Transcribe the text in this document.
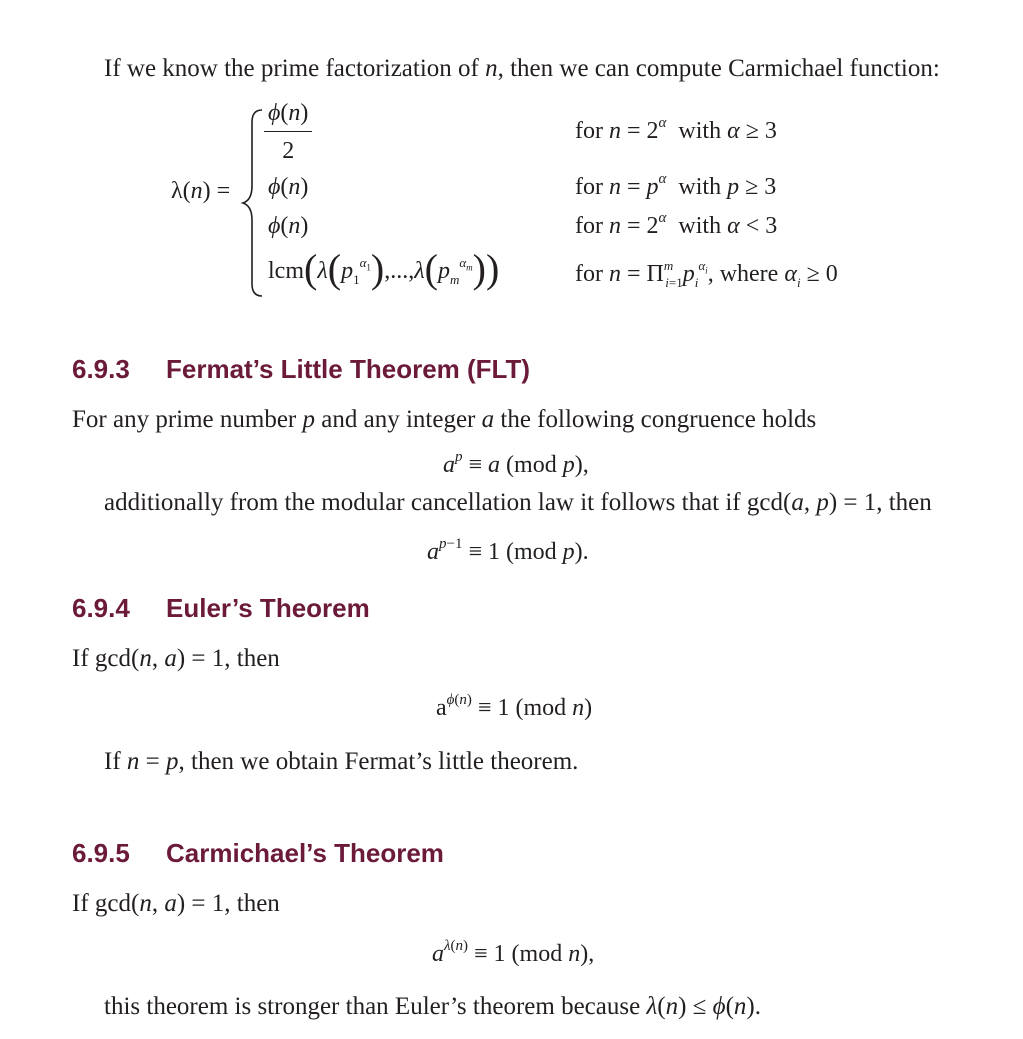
If we know the prime factorization of n, then we can compute Carmichael function:
λ(n) =
$\frac{\phi(n)}{2}$	for $n = 2^\alpha$  with α ≥ 3
ϕ(n)	for $n = p^\alpha$  with p ≥ 3
ϕ(n)	for $n = 2^\alpha$  with α < 3
$lcm(\lambda(p_1^{\alpha_1}),...,\lambda(p_m^{\alpha_m}))$	for $n = \Pi^m_{i=1}p_i^{\alpha_i}$, where $\alpha_i \ge 0$
6.9.3 Fermat’s Little Theorem (FLT)
For any prime number p and any integer a the following congruence holds
$a^p \equiv a$ (mod p),
additionally from the modular cancellation law it follows that if gcd(a, p) = 1, then
$a^{p-1} \equiv 1$ (mod p).
6.9.4 Euler’s Theorem
If gcd(n, a) = 1, then
$a^{\phi(n)} \equiv 1$ (mod n)
If n = p, then we obtain Fermat’s little theorem.
6.9.5 Carmichael’s Theorem
If gcd(n, a) = 1, then
$a^{\lambda(n)} \equiv 1$ (mod n),
this theorem is stronger than Euler’s theorem because λ(n) ≤ ϕ(n).
